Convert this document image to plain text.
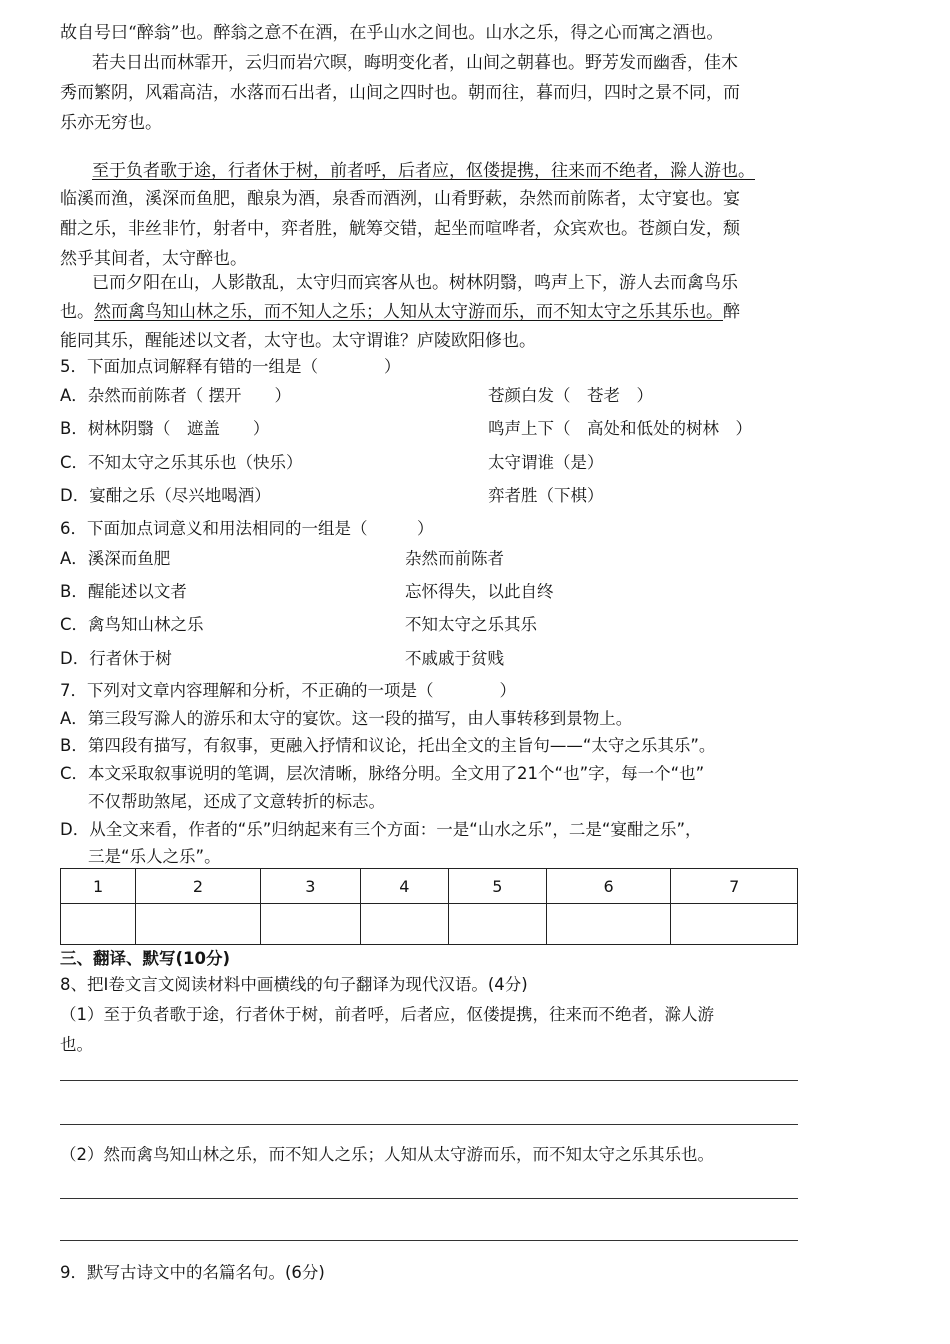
故自号曰“醉翁”也。醉翁之意不在酒，在乎山水之间也。山水之乐，得之心而寓之酒也。
若夫日出而林霏开，云归而岩穴暝，晦明变化者，山间之朝暮也。野芳发而幽香，佳木
秀而繁阴，风霜高洁，水落而石出者，山间之四时也。朝而往，暮而归，四时之景不同，而
乐亦无穷也。
至于负者歌于途，行者休于树，前者呼，后者应，伛偻提携，往来而不绝者，滁人游也。
临溪而渔，溪深而鱼肥，酿泉为酒，泉香而酒洌，山肴野蔌，杂然而前陈者，太守宴也。宴
酣之乐，非丝非竹，射者中，弈者胜，觥筹交错，起坐而喧哗者，众宾欢也。苍颜白发，颓
然乎其间者，太守醉也。
已而夕阳在山，人影散乱，太守归而宾客从也。树林阴翳，鸣声上下，游人去而禽鸟乐
也。然而禽鸟知山林之乐，而不知人之乐；人知从太守游而乐，而不知太守之乐其乐也。醉
能同其乐，醒能述以文者，太守也。太守谓谁？庐陵欧阳修也。
5．下面加点词解释有错的一组是（　　　　）
A．杂然而前陈者（ 摆开　　）	苍颜白发（　苍老　）
B．树林阴翳（　遮盖　　）	鸣声上下（　高处和低处的树林　）
C．不知太守之乐其乐也（快乐）	太守谓谁（是）
D．宴酣之乐（尽兴地喝酒）	弈者胜（下棋）
6．下面加点词意义和用法相同的一组是（　　　）
A．溪深而鱼肥	杂然而前陈者
B．醒能述以文者	忘怀得失，以此自终
C．禽鸟知山林之乐	不知太守之乐其乐
D．行者休于树	不戚戚于贫贱
7．下列对文章内容理解和分析，不正确的一项是（　　　　）
A．第三段写滁人的游乐和太守的宴饮。这一段的描写，由人事转移到景物上。
B．第四段有描写，有叙事，更融入抒情和议论，托出全文的主旨句——“太守之乐其乐”。
C．本文采取叙事说明的笔调，层次清晰，脉络分明。全文用了21个“也”字，每一个“也”
不仅帮助煞尾，还成了文意转折的标志。
D．从全文来看，作者的“乐”归纳起来有三个方面：一是“山水之乐”，二是“宴酣之乐”，
三是“乐人之乐”。
1	2	3	4	5	6	7

三、翻译、默写(10分)
8、把Ⅰ卷文言文阅读材料中画横线的句子翻译为现代汉语。(4分)
（1）至于负者歌于途，行者休于树，前者呼，后者应，伛偻提携，往来而不绝者，滁人游
也。
（2）然而禽鸟知山林之乐，而不知人之乐；人知从太守游而乐，而不知太守之乐其乐也。
9．默写古诗文中的名篇名句。(6分)
